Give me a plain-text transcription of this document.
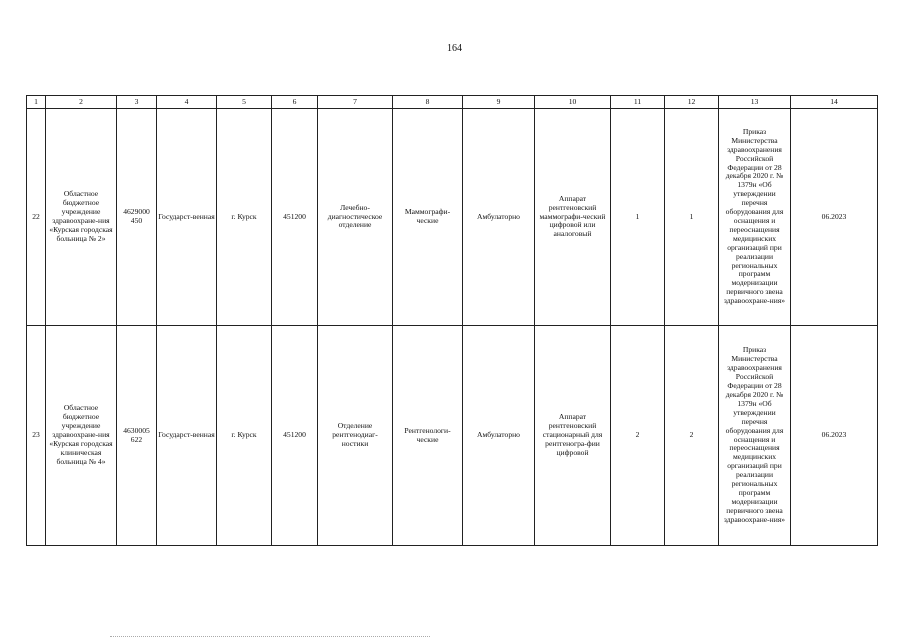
164
1	2	3	4	5	6	7	8	9	10	11	12	13	14
22	Областное бюджетное учреждение здравоохране-ния «Курская городская больница № 2»	4629000 450	Государст-венная	г. Курск	451200	Лечебно-диагностическое отделение	Маммографи-ческие	Амбулаторно	Аппарат рентгеновский маммографи-ческий цифровой или аналоговый	1	1	Приказ Министерства здравоохранения Российской Федерации от 28 декабря 2020 г. № 1379н «Об утверждении перечня оборудования для оснащения и переоснащения медицинских организаций при реализации региональных программ модернизации первичного звена здравоохране-ния»	06.2023
23	Областное бюджетное учреждение здравоохране-ния «Курская городская клиническая больница № 4»	4630005 622	Государст-венная	г. Курск	451200	Отделение рентгенодиаг-ностики	Рентгенологи-ческие	Амбулаторно	Аппарат рентгеновский стационарный для рентгеногра-фии цифровой	2	2	Приказ Министерства здравоохранения Российской Федерации от 28 декабря 2020 г. № 1379н «Об утверждении перечня оборудования для оснащения и переоснащения медицинских организаций при реализации региональных программ модернизации первичного звена здравоохране-ния»	06.2023
